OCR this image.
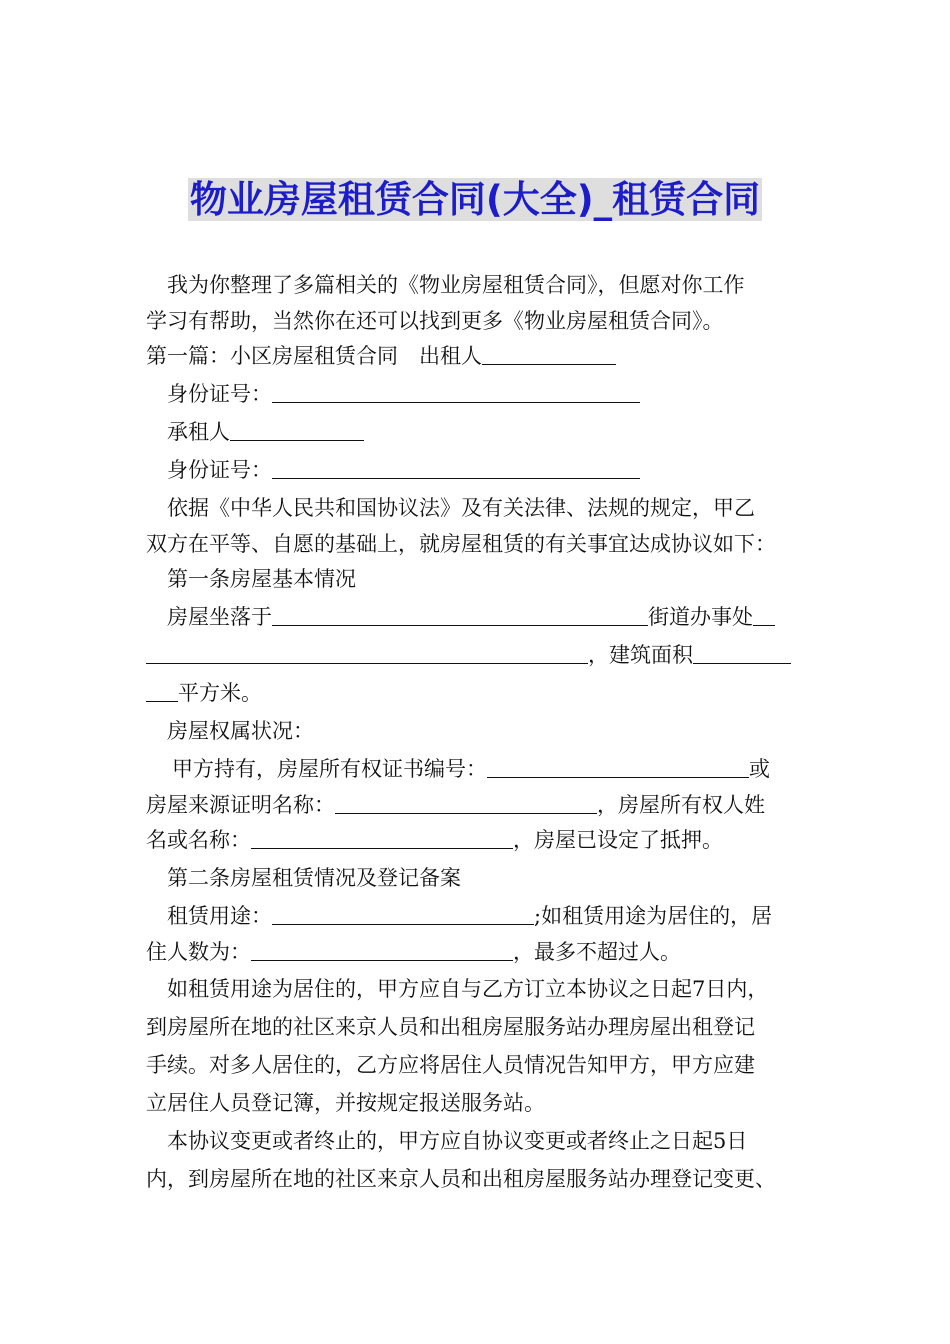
物业房屋租赁合同(大全)_租赁合同
我为你整理了多篇相关的《物业房屋租赁合同》，但愿对你工作
学习有帮助，当然你在还可以找到更多《物业房屋租赁合同》。
第一篇：小区房屋租赁合同　出租人
身份证号：
承租人
身份证号：
依据《中华人民共和国协议法》及有关法律、法规的规定，甲乙
双方在平等、自愿的基础上，就房屋租赁的有关事宜达成协议如下：
第一条房屋基本情况
房屋坐落于	街道办事处
，建筑面积
平方米。
房屋权属状况：
甲方持有，房屋所有权证书编号：	或
房屋来源证明名称：	，房屋所有权人姓
名或名称：	，房屋已设定了抵押。
第二条房屋租赁情况及登记备案
租赁用途：	;如租赁用途为居住的，居
住人数为：	，最多不超过人。
如租赁用途为居住的，甲方应自与乙方订立本协议之日起7日内，
到房屋所在地的社区来京人员和出租房屋服务站办理房屋出租登记
手续。对多人居住的，乙方应将居住人员情况告知甲方，甲方应建
立居住人员登记簿，并按规定报送服务站。
本协议变更或者终止的，甲方应自协议变更或者终止之日起5日
内，到房屋所在地的社区来京人员和出租房屋服务站办理登记变更、
